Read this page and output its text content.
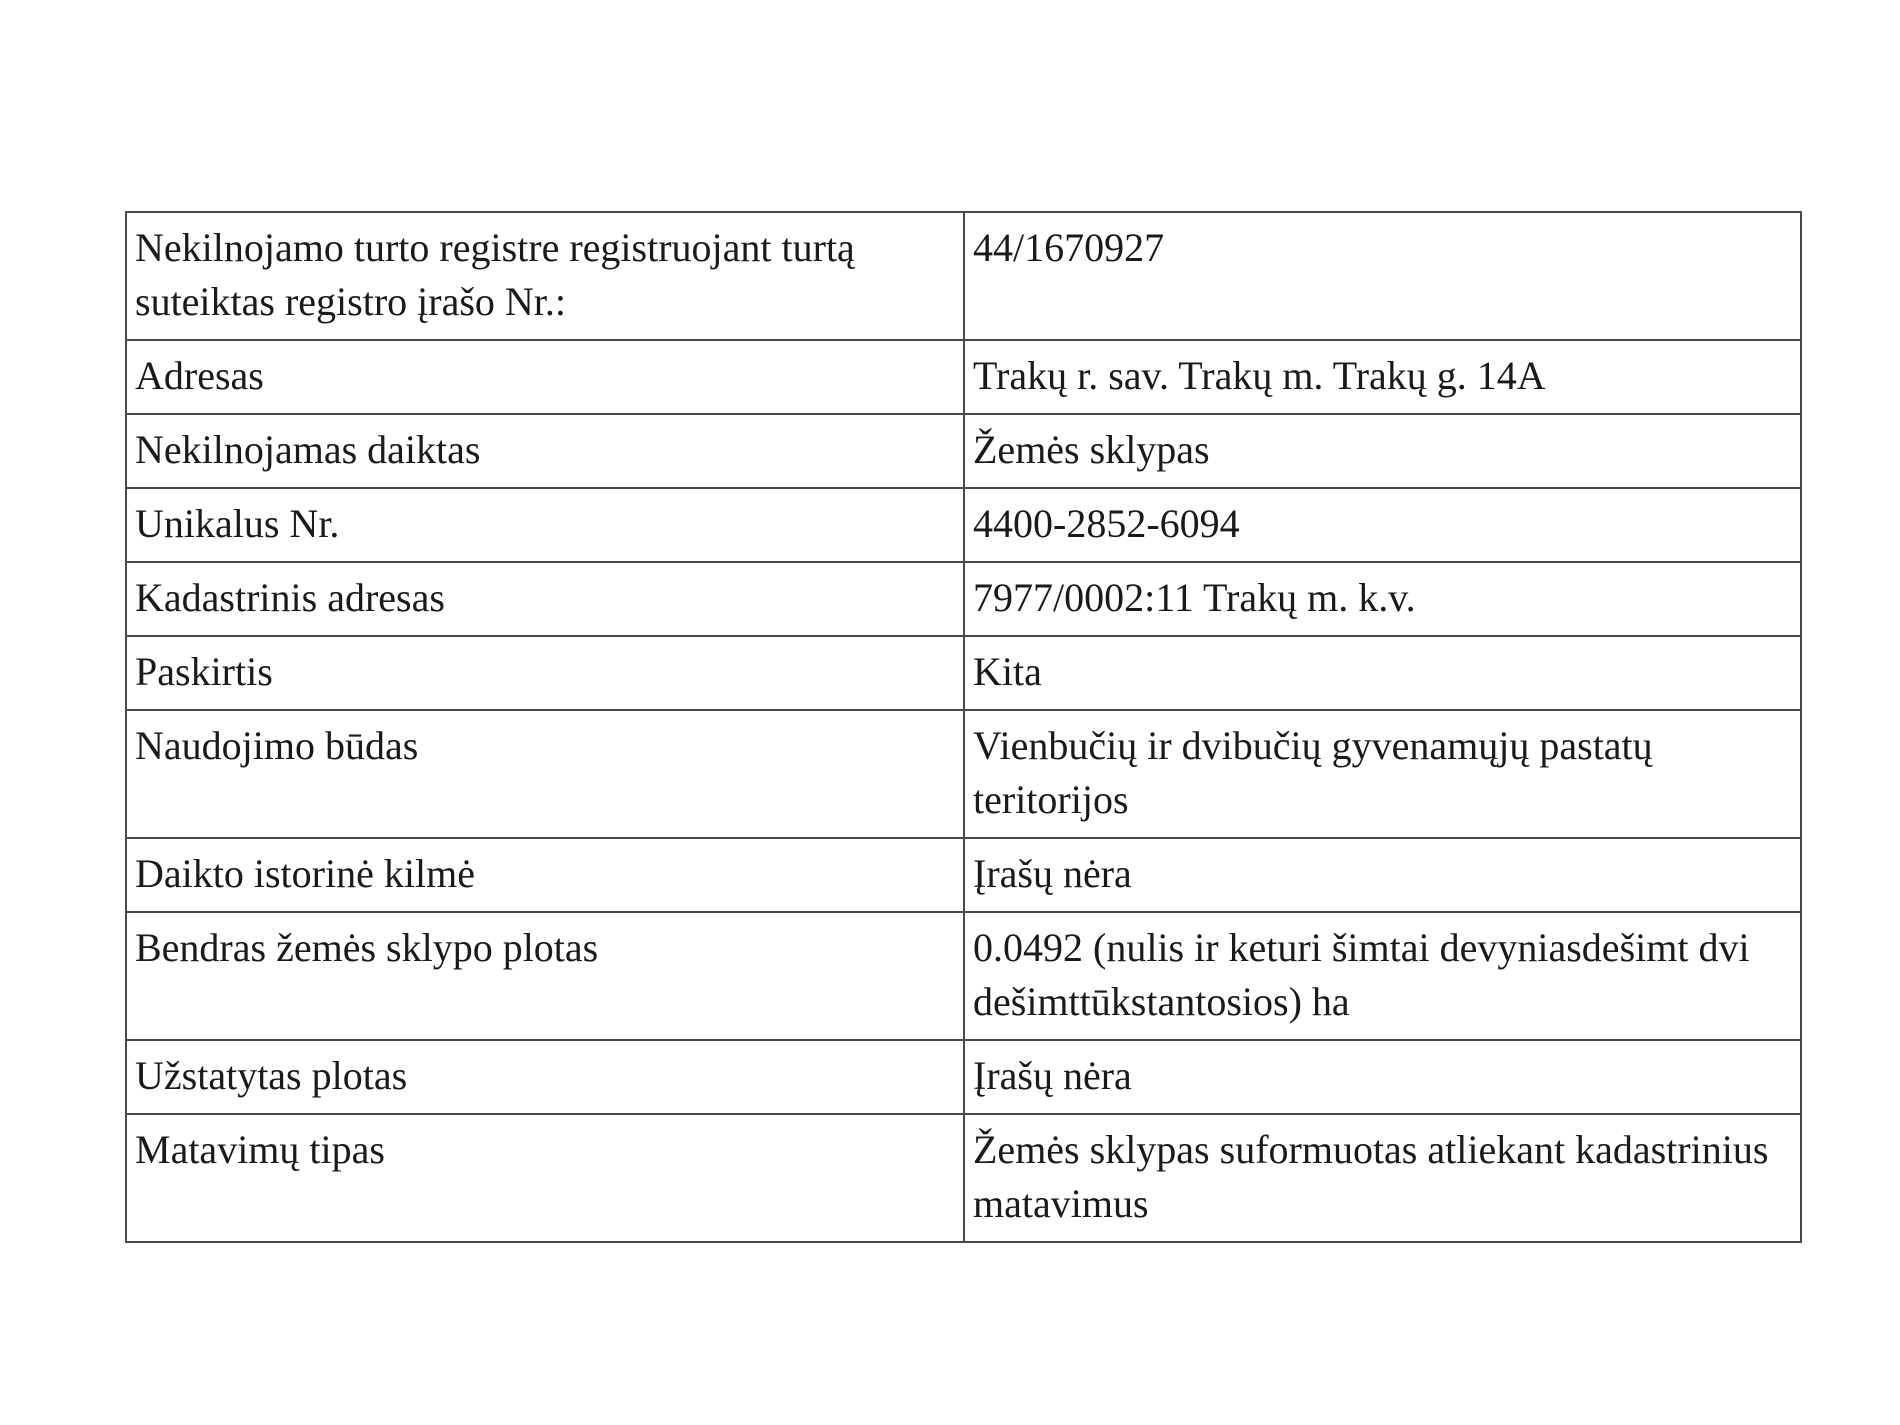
Nekilnojamo turto registre registruojant turtą suteiktas registro įrašo Nr.:	44/1670927
Adresas	Trakų r. sav. Trakų m. Trakų g. 14A
Nekilnojamas daiktas	Žemės sklypas
Unikalus Nr.	4400-2852-6094
Kadastrinis adresas	7977/0002:11 Trakų m. k.v.
Paskirtis	Kita
Naudojimo būdas	Vienbučių ir dvibučių gyvenamųjų pastatų teritorijos
Daikto istorinė kilmė	Įrašų nėra
Bendras žemės sklypo plotas	0.0492 (nulis ir keturi šimtai devyniasdešimt dvi dešimttūkstantosios) ha
Užstatytas plotas	Įrašų nėra
Matavimų tipas	Žemės sklypas suformuotas atliekant kadastrinius matavimus
